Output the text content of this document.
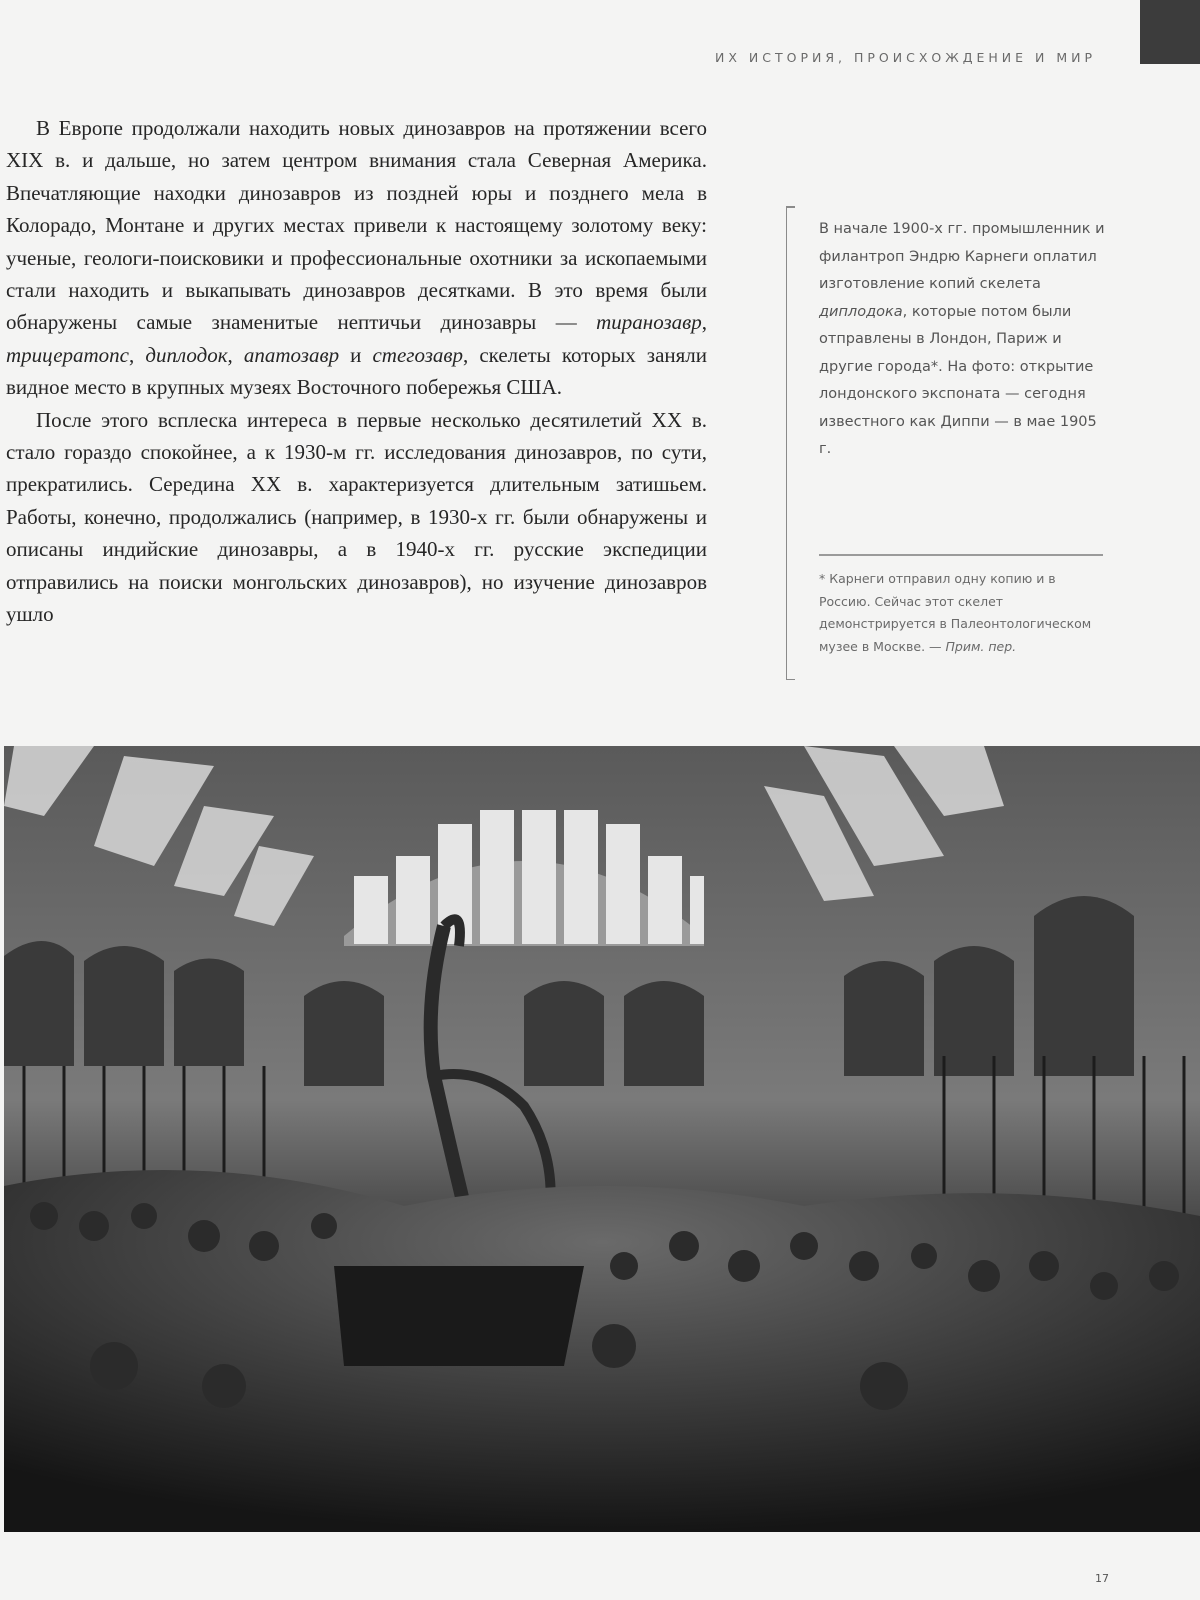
ИХ ИСТОРИЯ, ПРОИСХОЖДЕНИЕ И МИР

В Европе продолжали находить новых динозавров на протяжении всего XIX в. и дальше, но затем центром внимания стала Северная Америка. Впечатляющие находки динозавров из поздней юры и позднего мела в Колорадо, Монтане и других местах привели к настоящему золотому веку: ученые, геологи-поисковики и профессиональные охотники за ископаемыми стали находить и выкапывать динозавров десятками. В это время были обнаружены самые знаменитые нептичьи динозавры — тиранозавр, трицератопс, диплодок, апатозавр и стегозавр, скелеты которых заняли видное место в крупных музеях Восточного побережья США.

После этого всплеска интереса в первые несколько десятилетий XX в. стало гораздо спокойнее, а к 1930-м гг. исследования динозавров, по сути, прекратились. Середина XX в. характеризуется длительным затишьем. Работы, конечно, продолжались (например, в 1930-х гг. были обнаружены и описаны индийские динозавры, а в 1940-х гг. русские экспедиции отправились на поиски монгольских динозавров), но изучение динозавров ушло

В начале 1900-х гг. промышленник и филантроп Эндрю Карнеги оплатил изготовление копий скелета диплодока, которые потом были отправлены в Лондон, Париж и другие города*. На фото: открытие лондонского экспоната — сегодня известного как Диппи — в мае 1905 г.
* Карнеги отправил одну копию и в Россию. Сейчас этот скелет демонстрируется в Палеонтологическом музее в Москве. — Прим. пер.
17
